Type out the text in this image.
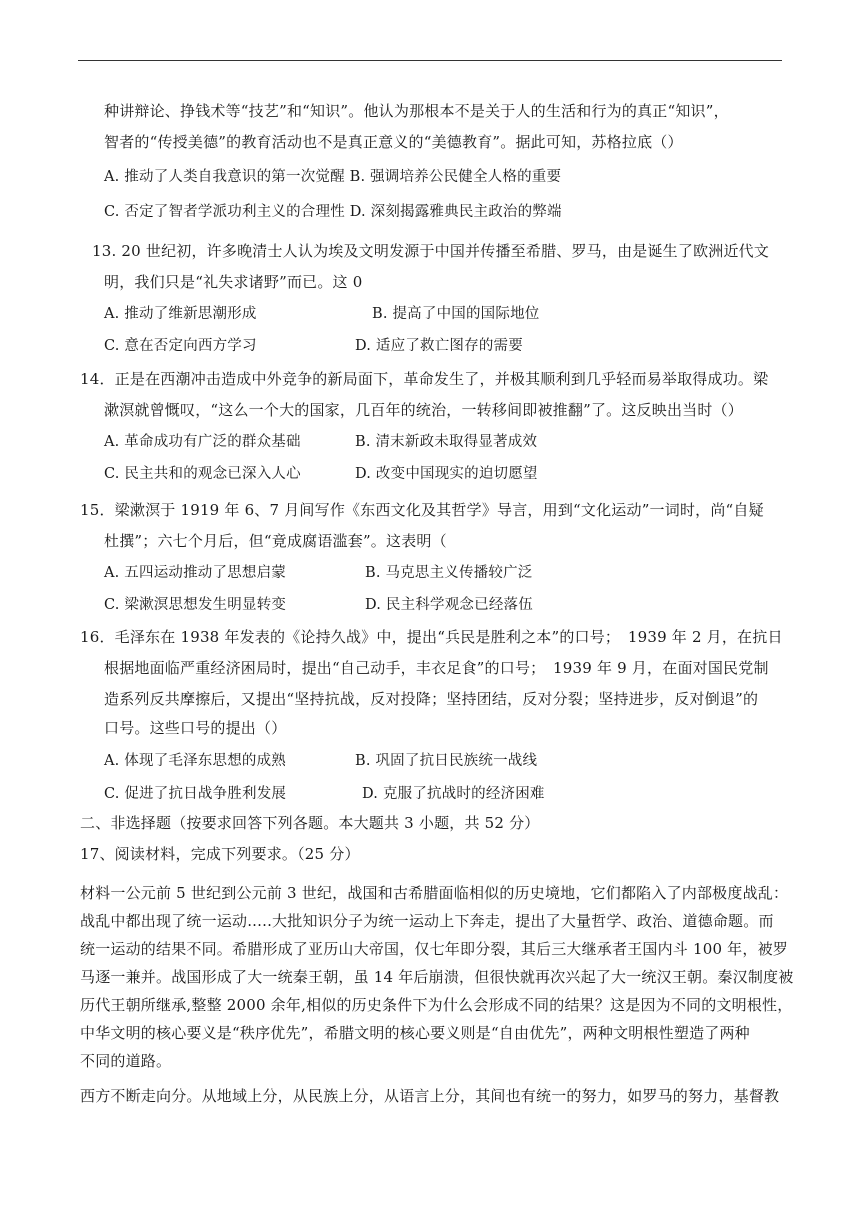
种讲辩论、挣钱术等“技艺”和“知识”。他认为那根本不是关于人的生活和行为的真正“知识”，
智者的“传授美德”的教育活动也不是真正意义的“美德教育”。据此可知，苏格拉底（）
A. 推动了人类自我意识的第一次觉醒 B. 强调培养公民健全人格的重要
C. 否定了智者学派功利主义的合理性 D. 深刻揭露雅典民主政治的弊端
13. 20 世纪初，许多晚清士人认为埃及文明发源于中国并传播至希腊、罗马，由是诞生了欧洲近代文
明，我们只是“礼失求诸野”而已。这 0
A. 推动了维新思潮形成	B. 提高了中国的国际地位
C. 意在否定向西方学习	D. 适应了救亡图存的需要
14．正是在西潮冲击造成中外竞争的新局面下，革命发生了，并极其顺利到几乎轻而易举取得成功。梁
漱溟就曾慨叹，“这么一个大的国家，几百年的统治，一转移间即被推翻”了。这反映出当时（）
A. 革命成功有广泛的群众基础	B. 清末新政未取得显著成效
C. 民主共和的观念已深入人心	D. 改变中国现实的迫切愿望
15．梁漱溟于 1919 年 6、7 月间写作《东西文化及其哲学》导言，用到“文化运动”一词时，尚“自疑
杜撰”；六七个月后，但“竟成腐语滥套”。这表明（
A. 五四运动推动了思想启蒙	B. 马克思主义传播较广泛
C. 梁漱溟思想发生明显转变	D. 民主科学观念已经落伍
16．毛泽东在 1938 年发表的《论持久战》中，提出“兵民是胜利之本”的口号；　1939 年 2 月，在抗日
根据地面临严重经济困局时，提出“自己动手，丰衣足食”的口号；　1939 年 9 月，在面对国民党制
造系列反共摩擦后，又提出“坚持抗战，反对投降；坚持团结，反对分裂；坚持进步，反对倒退”的
口号。这些口号的提出（）
A. 体现了毛泽东思想的成熟	B. 巩固了抗日民族统一战线
C. 促进了抗日战争胜利发展	D. 克服了抗战时的经济困难
二、非选择题（按要求回答下列各题。本大题共 3 小题，共 52 分）
17、阅读材料，完成下列要求。（25 分）
材料一公元前 5 世纪到公元前 3 世纪，战国和古希腊面临相似的历史境地，它们都陷入了内部极度战乱：
战乱中都出现了统一运动.....大批知识分子为统一运动上下奔走，提出了大量哲学、政治、道德命题。而
统一运动的结果不同。希腊形成了亚历山大帝国，仅七年即分裂，其后三大继承者王国内斗 100 年，被罗
马逐一兼并。战国形成了大一统秦王朝，虽 14 年后崩溃，但很快就再次兴起了大一统汉王朝。秦汉制度被
历代王朝所继承,整整 2000 余年,相似的历史条件下为什么会形成不同的结果？这是因为不同的文明根性，
中华文明的核心要义是“秩序优先”，希腊文明的核心要义则是“自由优先”，两种文明根性塑造了两种
不同的道路。
西方不断走向分。从地域上分，从民族上分，从语言上分，其间也有统一的努力，如罗马的努力，基督教
